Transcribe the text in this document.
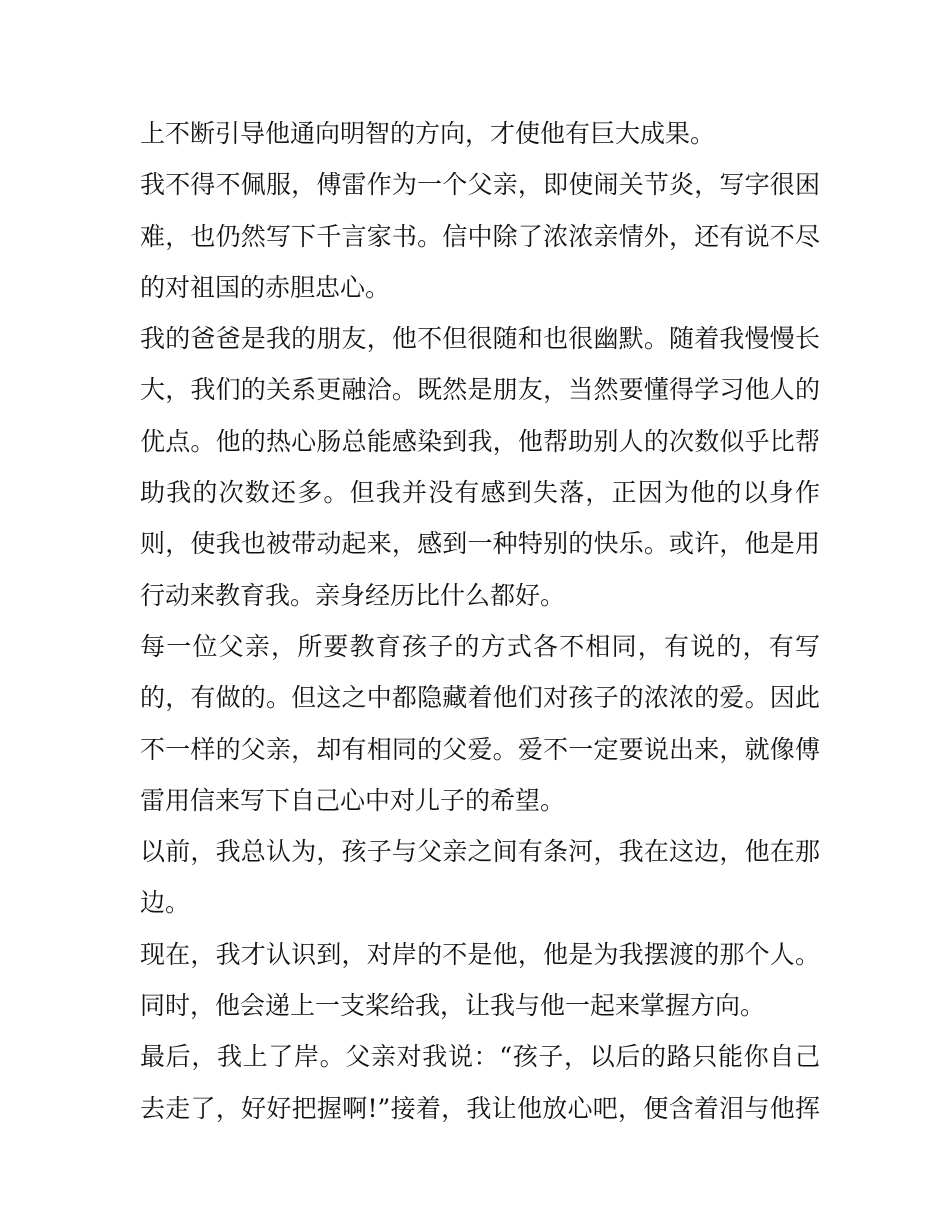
上不断引导他通向明智的方向，才使他有巨大成果。
我不得不佩服，傅雷作为一个父亲，即使闹关节炎，写字很困
难，也仍然写下千言家书。信中除了浓浓亲情外，还有说不尽
的对祖国的赤胆忠心。
我的爸爸是我的朋友，他不但很随和也很幽默。随着我慢慢长
大，我们的关系更融洽。既然是朋友，当然要懂得学习他人的
优点。他的热心肠总能感染到我，他帮助别人的次数似乎比帮
助我的次数还多。但我并没有感到失落，正因为他的以身作
则，使我也被带动起来，感到一种特别的快乐。或许，他是用
行动来教育我。亲身经历比什么都好。
每一位父亲，所要教育孩子的方式各不相同，有说的，有写
的，有做的。但这之中都隐藏着他们对孩子的浓浓的爱。因此
不一样的父亲，却有相同的父爱。爱不一定要说出来，就像傅
雷用信来写下自己心中对儿子的希望。
以前，我总认为，孩子与父亲之间有条河，我在这边，他在那
边。
现在，我才认识到，对岸的不是他，他是为我摆渡的那个人。
同时，他会递上一支桨给我，让我与他一起来掌握方向。
最后，我上了岸。父亲对我说：“孩子，以后的路只能你自己
去走了，好好把握啊!”接着，我让他放心吧，便含着泪与他挥
